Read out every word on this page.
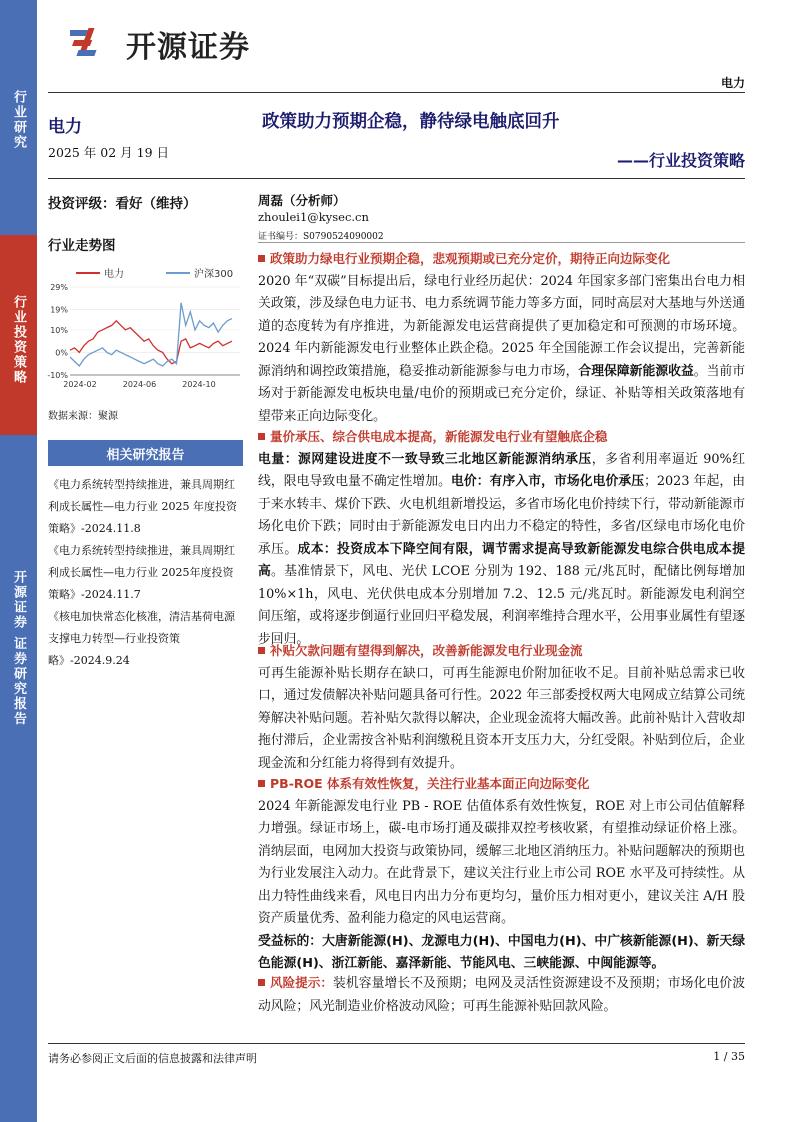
行业研究
行业投资策略
开源证券 证券研究报告
开源证券
电力
电力
2025 年 02 月 19 日
政策助力预期企稳，静待绿电触底回升
——行业投资策略
投资评级：看好（维持）
行业走势图
周磊（分析师）
zhoulei1@kysec.cn
证书编号：S0790524090002
电力	沪深300
29%
19%
10%
0%
-10%
2024-02	2024-06	2024-10
数据来源：聚源
相关研究报告
《电力系统转型持续推进，兼具周期红利成长属性—电力行业 2025 年度投资策略》-2024.11.8
《电力系统转型持续推进，兼具周期红利成长属性—电力行业 2025年度投资策略》-2024.11.7
《核电加快常态化核准，清洁基荷电源支撑电力转型—行业投资策略》-2024.9.24
政策助力绿电行业预期企稳，悲观预期或已充分定价，期待正向边际变化
2020 年“双碳”目标提出后，绿电行业经历起伏：2024 年国家多部门密集出台电力相关政策，涉及绿色电力证书、电力系统调节能力等多方面，同时高层对大基地与外送通道的态度转为有序推进，为新能源发电运营商提供了更加稳定和可预测的市场环境。2024 年内新能源发电行业整体止跌企稳。2025 年全国能源工作会议提出，完善新能源消纳和调控政策措施，稳妥推动新能源参与电力市场，合理保障新能源收益。当前市场对于新能源发电板块电量/电价的预期或已充分定价，绿证、补贴等相关政策落地有望带来正向边际变化。
量价承压、综合供电成本提高，新能源发电行业有望触底企稳
电量：源网建设进度不一致导致三北地区新能源消纳承压，多省利用率逼近 90%红线，限电导致电量不确定性增加。电价：有序入市，市场化电价承压；2023 年起，由于来水转丰、煤价下跌、火电机组新增投运，多省市场化电价持续下行，带动新能源市场化电价下跌；同时由于新能源发电日内出力不稳定的特性，多省/区绿电市场化电价承压。成本：投资成本下降空间有限，调节需求提高导致新能源发电综合供电成本提高。基准情景下，风电、光伏 LCOE 分别为 192、188 元/兆瓦时，配储比例每增加 10%×1h，风电、光伏供电成本分别增加 7.2、12.5 元/兆瓦时。新能源发电利润空间压缩，或将逐步倒逼行业回归平稳发展，利润率维持合理水平，公用事业属性有望逐步回归。
补贴欠款问题有望得到解决，改善新能源发电行业现金流
可再生能源补贴长期存在缺口，可再生能源电价附加征收不足。目前补贴总需求已收口，通过发债解决补贴问题具备可行性。2022 年三部委授权两大电网成立结算公司统筹解决补贴问题。若补贴欠款得以解决，企业现金流将大幅改善。此前补贴计入营收却拖付滞后，企业需按含补贴利润缴税且资本开支压力大，分红受限。补贴到位后，企业现金流和分红能力将得到有效提升。
PB-ROE 体系有效性恢复，关注行业基本面正向边际变化
2024 年新能源发电行业 PB - ROE 估值体系有效性恢复，ROE 对上市公司估值解释力增强。绿证市场上，碳-电市场打通及碳排双控考核收紧，有望推动绿证价格上涨。消纳层面，电网加大投资与政策协同，缓解三北地区消纳压力。补贴问题解决的预期也为行业发展注入动力。在此背景下，建议关注行业上市公司 ROE 水平及可持续性。从出力特性曲线来看，风电日内出力分布更均匀，量价压力相对更小，建议关注 A/H 股资产质量优秀、盈利能力稳定的风电运营商。
受益标的：大唐新能源(H)、龙源电力(H)、中国电力(H)、中广核新能源(H)、新天绿色能源(H)、浙江新能、嘉泽新能、节能风电、三峡能源、中闽能源等。
风险提示：装机容量增长不及预期；电网及灵活性资源建设不及预期；市场化电价波动风险；风光制造业价格波动风险；可再生能源补贴回款风险。
请务必参阅正文后面的信息披露和法律声明	1 / 35
